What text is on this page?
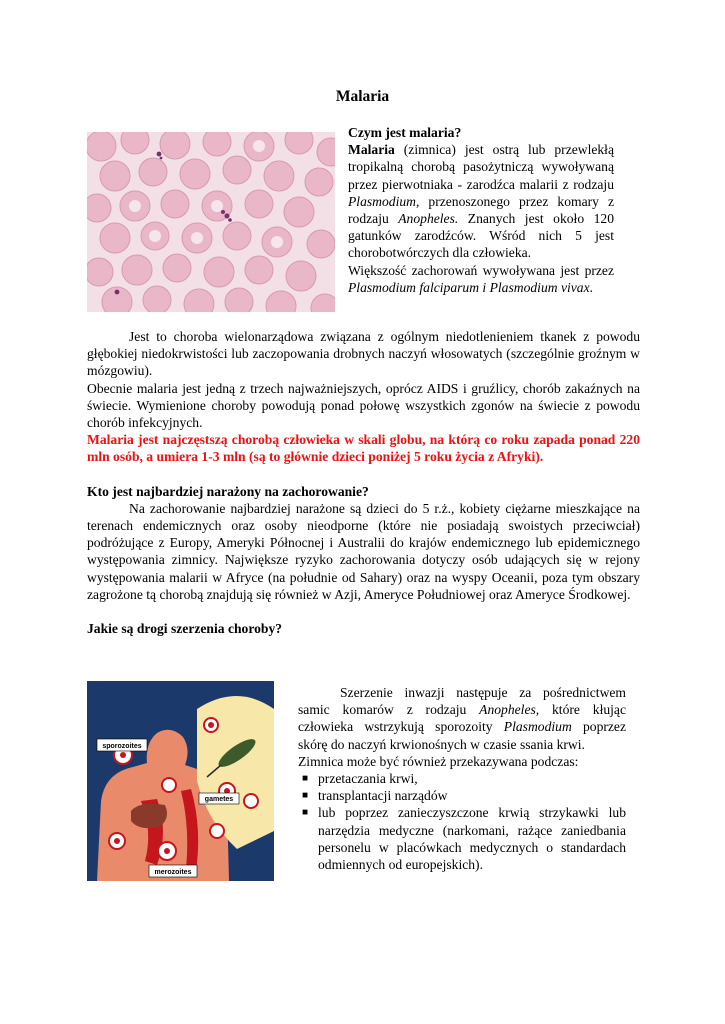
Malaria

Czym jest malaria?

Malaria (zimnica) jest ostrą lub przewlekłą tropikalną chorobą pasożytniczą wywoływaną przez pierwotniaka - zarodźca malarii z rodzaju Plasmodium, przenoszonego przez komary z rodzaju Anopheles. Znanych jest około 120 gatunków zarodźców. Wśród nich 5 jest chorobotwórczych dla człowieka.

Większość zachorowań wywoływana jest przez Plasmodium falciparum i Plasmodium vivax.

Jest to choroba wielonarządowa związana z ogólnym niedotlenieniem tkanek z powodu głębokiej niedokrwistości lub zaczopowania drobnych naczyń włosowatych (szczególnie groźnym w mózgowiu).

Obecnie malaria jest jedną z trzech najważniejszych, oprócz AIDS i gruźlicy, chorób zakaźnych na świecie. Wymienione choroby powodują ponad połowę wszystkich zgonów na świecie z powodu chorób infekcyjnych.

Malaria jest najczęstszą chorobą człowieka w skali globu, na którą co roku zapada ponad 220 mln osób, a umiera 1-3 mln (są to głównie dzieci poniżej 5 roku życia z Afryki).

Kto jest najbardziej narażony na zachorowanie?

Na zachorowanie najbardziej narażone są dzieci do 5 r.ż., kobiety ciężarne mieszkające na terenach endemicznych oraz osoby nieodporne (które nie posiadają swoistych przeciwciał) podróżujące z Europy, Ameryki Północnej i Australii do krajów endemicznego lub epidemicznego występowania zimnicy. Największe ryzyko zachorowania dotyczy osób udających się w rejony występowania malarii w Afryce (na południe od Sahary) oraz na wyspy Oceanii, poza tym obszary zagrożone tą chorobą znajdują się również w Azji, Ameryce Południowej oraz Ameryce Środkowej.

Jakie są drogi szerzenia choroby?

sporozoites
gametes
merozoites

Szerzenie inwazji następuje za pośrednictwem samic komarów z rodzaju Anopheles, które kłując człowieka wstrzykują sporozoity Plasmodium poprzez skórę do naczyń krwionośnych w czasie ssania krwi.

Zimnica może być również przekazywana podczas:

■ przetaczania krwi,
■ transplantacji narządów
■ lub poprzez zanieczyszczone krwią strzykawki lub narzędzia medyczne (narkomani, rażące zaniedbania personelu w placówkach medycznych o standardach odmiennych od europejskich).
